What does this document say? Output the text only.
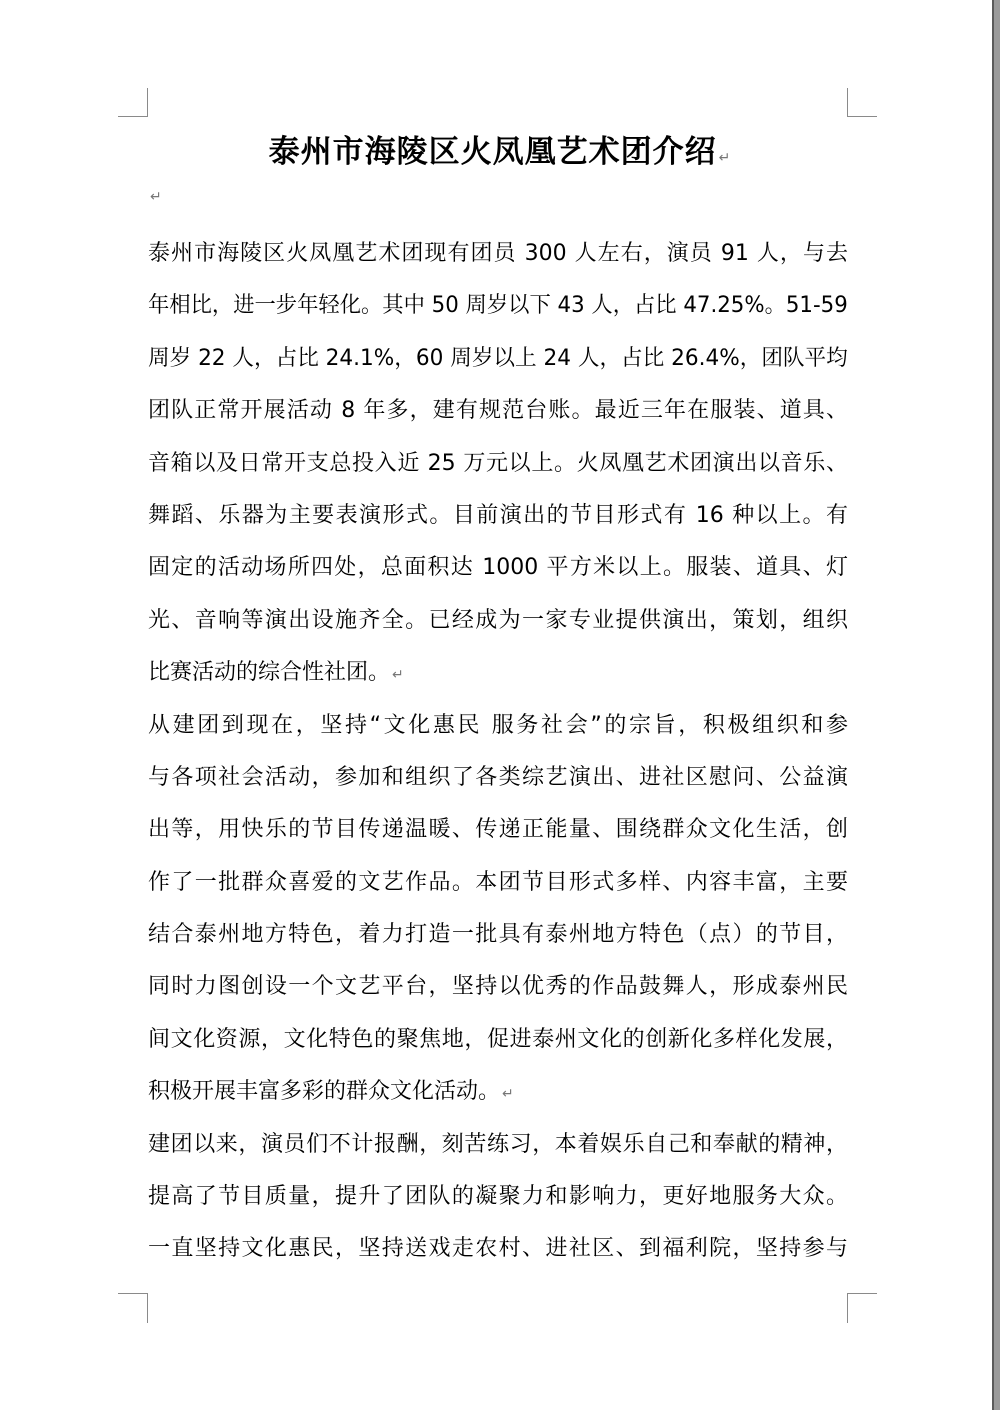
泰州市海陵区火凤凰艺术团介绍 ↵
↵
泰州市海陵区火凤凰艺术团现有团员 300 人左右，演员 91 人，与去
年相比，进一步年轻化。其中 50 周岁以下 43 人，占比 47.25%。51-59
周岁 22 人，占比 24.1%，60 周岁以上 24 人，占比 26.4%，团队平均
团队正常开展活动 8 年多，建有规范台账。最近三年在服装、道具、
音箱以及日常开支总投入近 25 万元以上。火凤凰艺术团演出以音乐、
舞蹈、乐器为主要表演形式。目前演出的节目形式有 16 种以上。有
固定的活动场所四处，总面积达 1000 平方米以上。服装、道具、灯
光、音响等演出设施齐全。已经成为一家专业提供演出，策划，组织
比赛活动的综合性社团。 ↵
从建团到现在，坚持“文化惠民 服务社会”的宗旨，积极组织和参
与各项社会活动，参加和组织了各类综艺演出、进社区慰问、公益演
出等，用快乐的节目传递温暖、传递正能量、围绕群众文化生活，创
作了一批群众喜爱的文艺作品。本团节目形式多样、内容丰富，主要
结合泰州地方特色，着力打造一批具有泰州地方特色（点）的节目，
同时力图创设一个文艺平台，坚持以优秀的作品鼓舞人，形成泰州民
间文化资源，文化特色的聚焦地，促进泰州文化的创新化多样化发展，
积极开展丰富多彩的群众文化活动。 ↵
建团以来，演员们不计报酬，刻苦练习，本着娱乐自己和奉献的精神，
提高了节目质量，提升了团队的凝聚力和影响力，更好地服务大众。
一直坚持文化惠民，坚持送戏走农村、进社区、到福利院，坚持参与
